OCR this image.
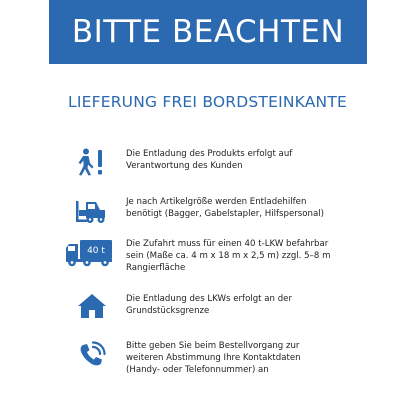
BITTE BEACHTEN
LIEFERUNG FREI BORDSTEINKANTE
Die Entladung des Produkts erfolgt auf
Verantwortung des Kunden
Je nach Artikelgröße werden Entladehilfen
benötigt (Bagger, Gabelstapler, Hilfspersonal)
40 t
Die Zufahrt muss für einen 40 t-LKW befahrbar
sein (Maße ca. 4 m x 18 m x 2,5 m) zzgl. 5–8 m
Rangierfläche
Die Entladung des LKWs erfolgt an der
Grundstücksgrenze
Bitte geben Sie beim Bestellvorgang zur
weiteren Abstimmung Ihre Kontaktdaten
(Handy- oder Telefonnummer) an
